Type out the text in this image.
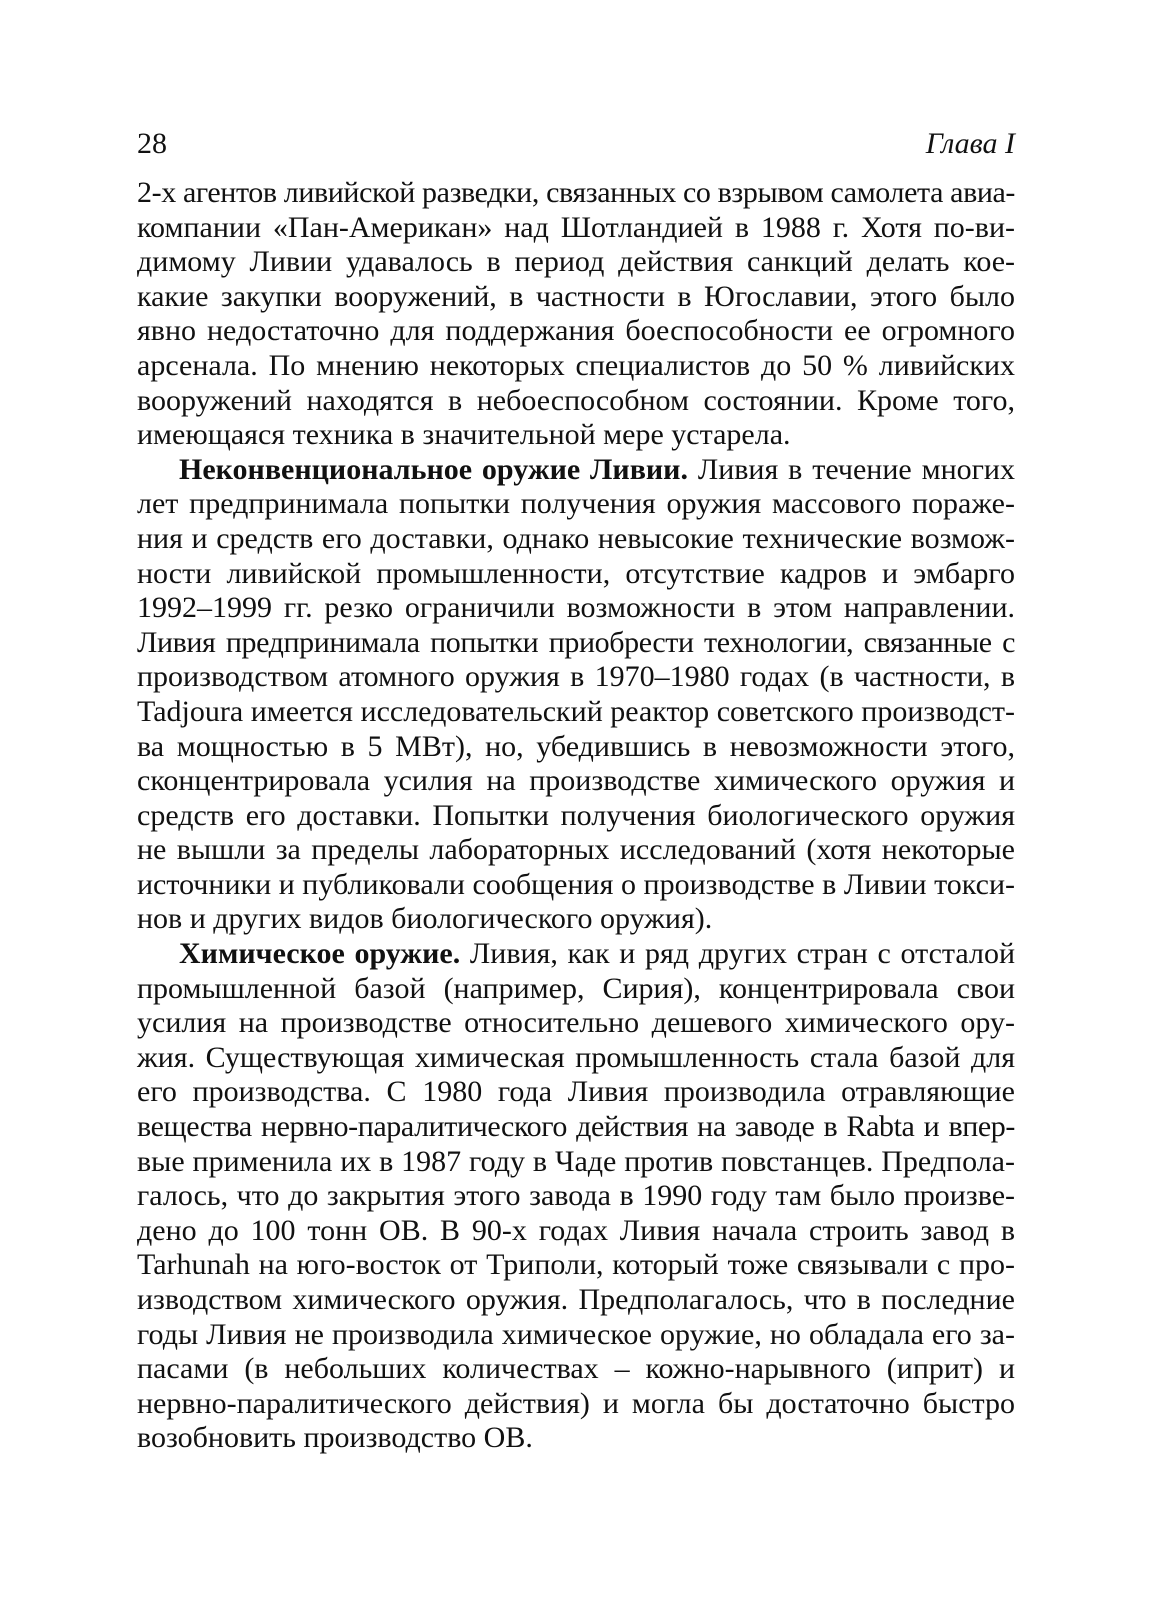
28	Глава I

2-х агентов ливийской разведки, связанных со взрывом самолета авиа-
компании «Пан-Американ» над Шотландией в 1988 г. Хотя по-ви-
димому Ливии удавалось в период действия санкций делать кое-
какие закупки вооружений, в частности в Югославии, этого было
явно недостаточно для поддержания боеспособности ее огромного
арсенала. По мнению некоторых специалистов до 50 % ливийских
вооружений находятся в небоеспособном состоянии. Кроме того,
имеющаяся техника в значительной мере устарела.

Неконвенциональное оружие Ливии. Ливия в течение многих
лет предпринимала попытки получения оружия массового пораже-
ния и средств его доставки, однако невысокие технические возмож-
ности ливийской промышленности, отсутствие кадров и эмбарго
1992–1999 гг. резко ограничили возможности в этом направлении.
Ливия предпринимала попытки приобрести технологии, связанные с
производством атомного оружия в 1970–1980 годах (в частности, в
Tadjoura имеется исследовательский реактор советского производст-
ва мощностью в 5 МВт), но, убедившись в невозможности этого,
сконцентрировала усилия на производстве химического оружия и
средств его доставки. Попытки получения биологического оружия
не вышли за пределы лабораторных исследований (хотя некоторые
источники и публиковали сообщения о производстве в Ливии токси-
нов и других видов биологического оружия).

Химическое оружие. Ливия, как и ряд других стран с отсталой
промышленной базой (например, Сирия), концентрировала свои
усилия на производстве относительно дешевого химического ору-
жия. Существующая химическая промышленность стала базой для
его производства. С 1980 года Ливия производила отравляющие
вещества нервно-паралитического действия на заводе в Rabta и впер-
вые применила их в 1987 году в Чаде против повстанцев. Предпола-
галось, что до закрытия этого завода в 1990 году там было произве-
дено до 100 тонн ОВ. В 90-х годах Ливия начала строить завод в
Tarhunah на юго-восток от Триполи, который тоже связывали с про-
изводством химического оружия. Предполагалось, что в последние
годы Ливия не производила химическое оружие, но обладала его за-
пасами (в небольших количествах – кожно-нарывного (иприт) и
нервно-паралитического действия) и могла бы достаточно быстро
возобновить производство ОВ.
